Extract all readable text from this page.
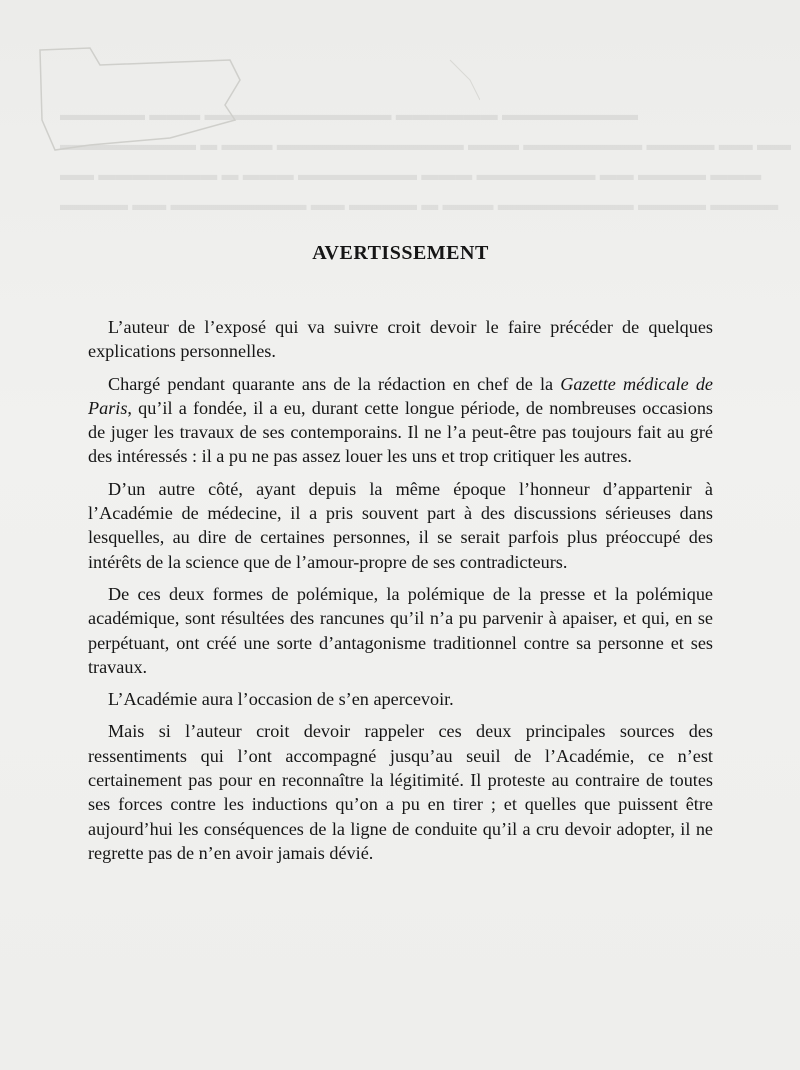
▬▬▬▬▬ ▬▬▬ ▬▬▬▬▬▬▬▬▬▬▬ ▬▬▬▬▬▬ ▬▬▬▬▬▬▬▬
▬▬▬▬▬▬▬▬ ▬ ▬▬▬ ▬▬▬▬▬▬▬▬▬▬▬ ▬▬▬ ▬▬▬▬▬▬▬ ▬▬▬▬ ▬▬ ▬▬
▬▬ ▬▬▬▬▬▬▬ ▬ ▬▬▬ ▬▬▬▬▬▬▬ ▬▬▬ ▬▬▬▬▬▬▬ ▬▬ ▬▬▬▬ ▬▬▬
▬▬▬▬ ▬▬ ▬▬▬▬▬▬▬▬ ▬▬ ▬▬▬▬ ▬ ▬▬▬ ▬▬▬▬▬▬▬▬ ▬▬▬▬ ▬▬▬▬
AVERTISSEMENT

L’auteur de l’exposé qui va suivre croit devoir le faire précéder de quelques explications personnelles.

Chargé pendant quarante ans de la rédaction en chef de la Gazette médicale de Paris, qu’il a fondée, il a eu, durant cette longue période, de nombreuses occasions de juger les travaux de ses contemporains. Il ne l’a peut-être pas toujours fait au gré des intéressés : il a pu ne pas assez louer les uns et trop critiquer les autres.

D’un autre côté, ayant depuis la même époque l’honneur d’appartenir à l’Académie de médecine, il a pris souvent part à des discussions sérieuses dans lesquelles, au dire de certaines personnes, il se serait parfois plus préoccupé des intérêts de la science que de l’amour-propre de ses contradicteurs.

De ces deux formes de polémique, la polémique de la presse et la polémique académique, sont résultées des rancunes qu’il n’a pu parvenir à apaiser, et qui, en se perpétuant, ont créé une sorte d’antagonisme traditionnel contre sa personne et ses travaux.

L’Académie aura l’occasion de s’en apercevoir.

Mais si l’auteur croit devoir rappeler ces deux principales sources des ressentiments qui l’ont accompagné jusqu’au seuil de l’Académie, ce n’est certainement pas pour en reconnaître la légitimité. Il proteste au contraire de toutes ses forces contre les inductions qu’on a pu en tirer ; et quelles que puissent être aujourd’hui les conséquences de la ligne de conduite qu’il a cru devoir adopter, il ne regrette pas de n’en avoir jamais dévié.
